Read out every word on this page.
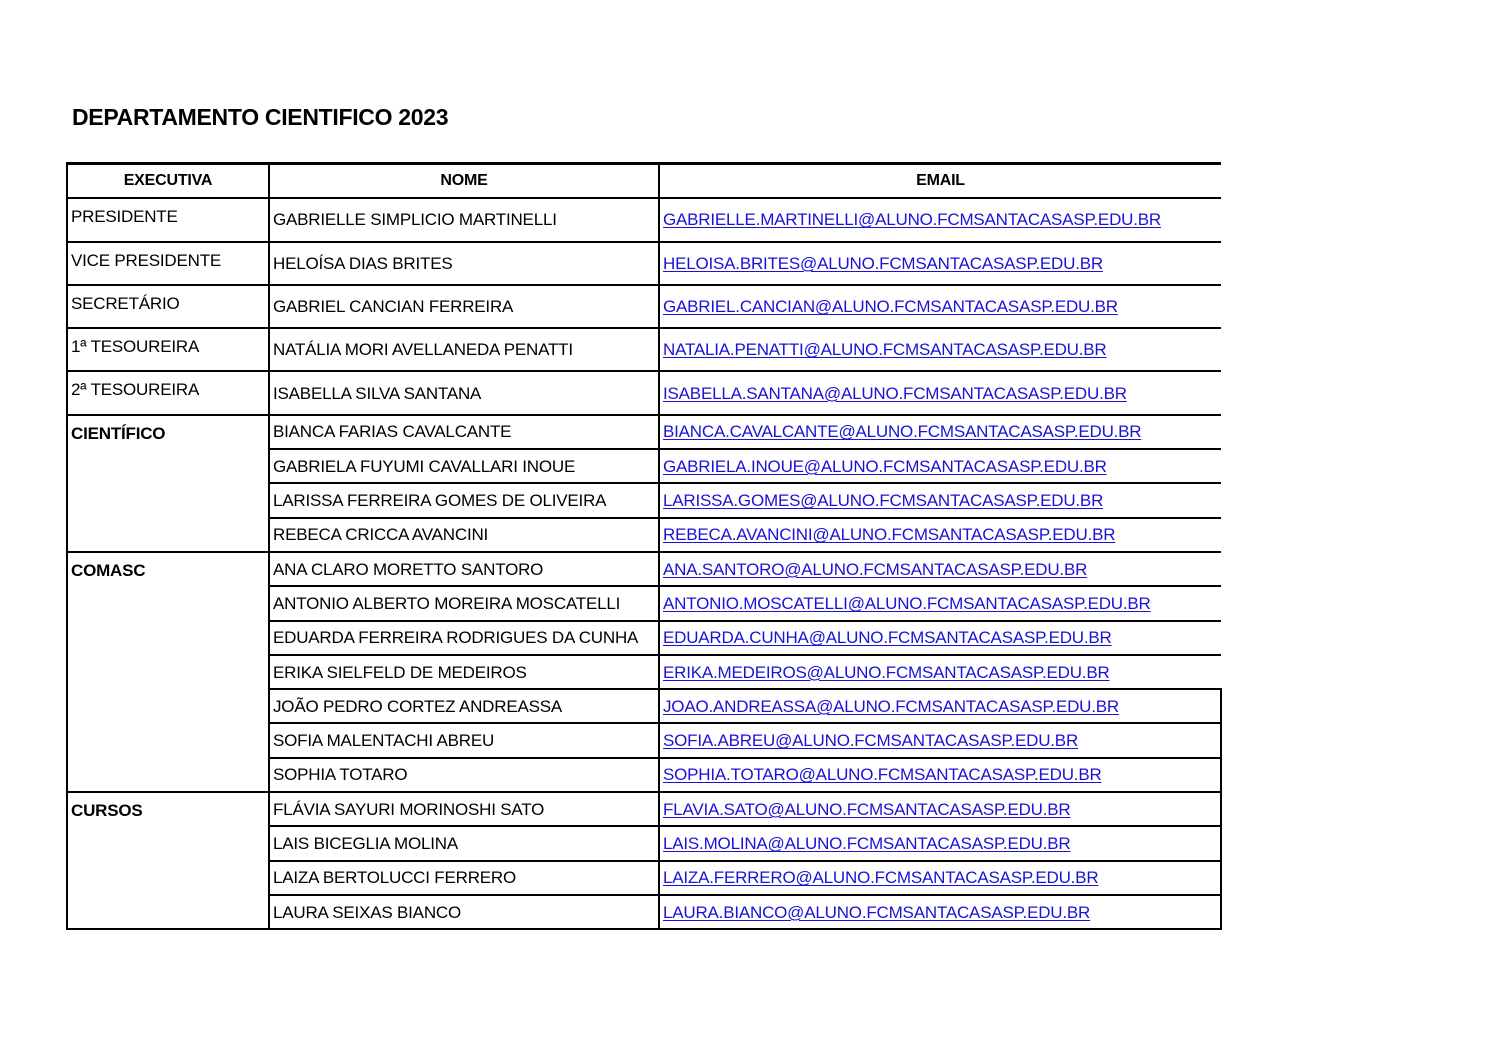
DEPARTAMENTO CIENTIFICO 2023
EXECUTIVA	NOME	EMAIL
PRESIDENTE	GABRIELLE SIMPLICIO MARTINELLI	GABRIELLE.MARTINELLI@ALUNO.FCMSANTACASASP.EDU.BR
VICE PRESIDENTE	HELOÍSA DIAS BRITES	HELOISA.BRITES@ALUNO.FCMSANTACASASP.EDU.BR
SECRETÁRIO	GABRIEL CANCIAN FERREIRA	GABRIEL.CANCIAN@ALUNO.FCMSANTACASASP.EDU.BR
1ª TESOUREIRA	NATÁLIA MORI AVELLANEDA PENATTI	NATALIA.PENATTI@ALUNO.FCMSANTACASASP.EDU.BR
2ª TESOUREIRA	ISABELLA SILVA SANTANA	ISABELLA.SANTANA@ALUNO.FCMSANTACASASP.EDU.BR
CIENTÍFICO	BIANCA FARIAS CAVALCANTE	BIANCA.CAVALCANTE@ALUNO.FCMSANTACASASP.EDU.BR
	GABRIELA FUYUMI CAVALLARI INOUE	GABRIELA.INOUE@ALUNO.FCMSANTACASASP.EDU.BR
	LARISSA FERREIRA GOMES DE OLIVEIRA	LARISSA.GOMES@ALUNO.FCMSANTACASASP.EDU.BR
	REBECA CRICCA AVANCINI	REBECA.AVANCINI@ALUNO.FCMSANTACASASP.EDU.BR
COMASC	ANA CLARO MORETTO SANTORO	ANA.SANTORO@ALUNO.FCMSANTACASASP.EDU.BR
	ANTONIO ALBERTO MOREIRA MOSCATELLI	ANTONIO.MOSCATELLI@ALUNO.FCMSANTACASASP.EDU.BR
	EDUARDA FERREIRA RODRIGUES DA CUNHA	EDUARDA.CUNHA@ALUNO.FCMSANTACASASP.EDU.BR
	ERIKA SIELFELD DE MEDEIROS	ERIKA.MEDEIROS@ALUNO.FCMSANTACASASP.EDU.BR
	JOÃO PEDRO CORTEZ ANDREASSA	JOAO.ANDREASSA@ALUNO.FCMSANTACASASP.EDU.BR
	SOFIA MALENTACHI ABREU	SOFIA.ABREU@ALUNO.FCMSANTACASASP.EDU.BR
	SOPHIA TOTARO	SOPHIA.TOTARO@ALUNO.FCMSANTACASASP.EDU.BR
CURSOS	FLÁVIA SAYURI MORINOSHI SATO	FLAVIA.SATO@ALUNO.FCMSANTACASASP.EDU.BR
	LAIS BICEGLIA MOLINA	LAIS.MOLINA@ALUNO.FCMSANTACASASP.EDU.BR
	LAIZA BERTOLUCCI FERRERO	LAIZA.FERRERO@ALUNO.FCMSANTACASASP.EDU.BR
	LAURA SEIXAS BIANCO	LAURA.BIANCO@ALUNO.FCMSANTACASASP.EDU.BR
